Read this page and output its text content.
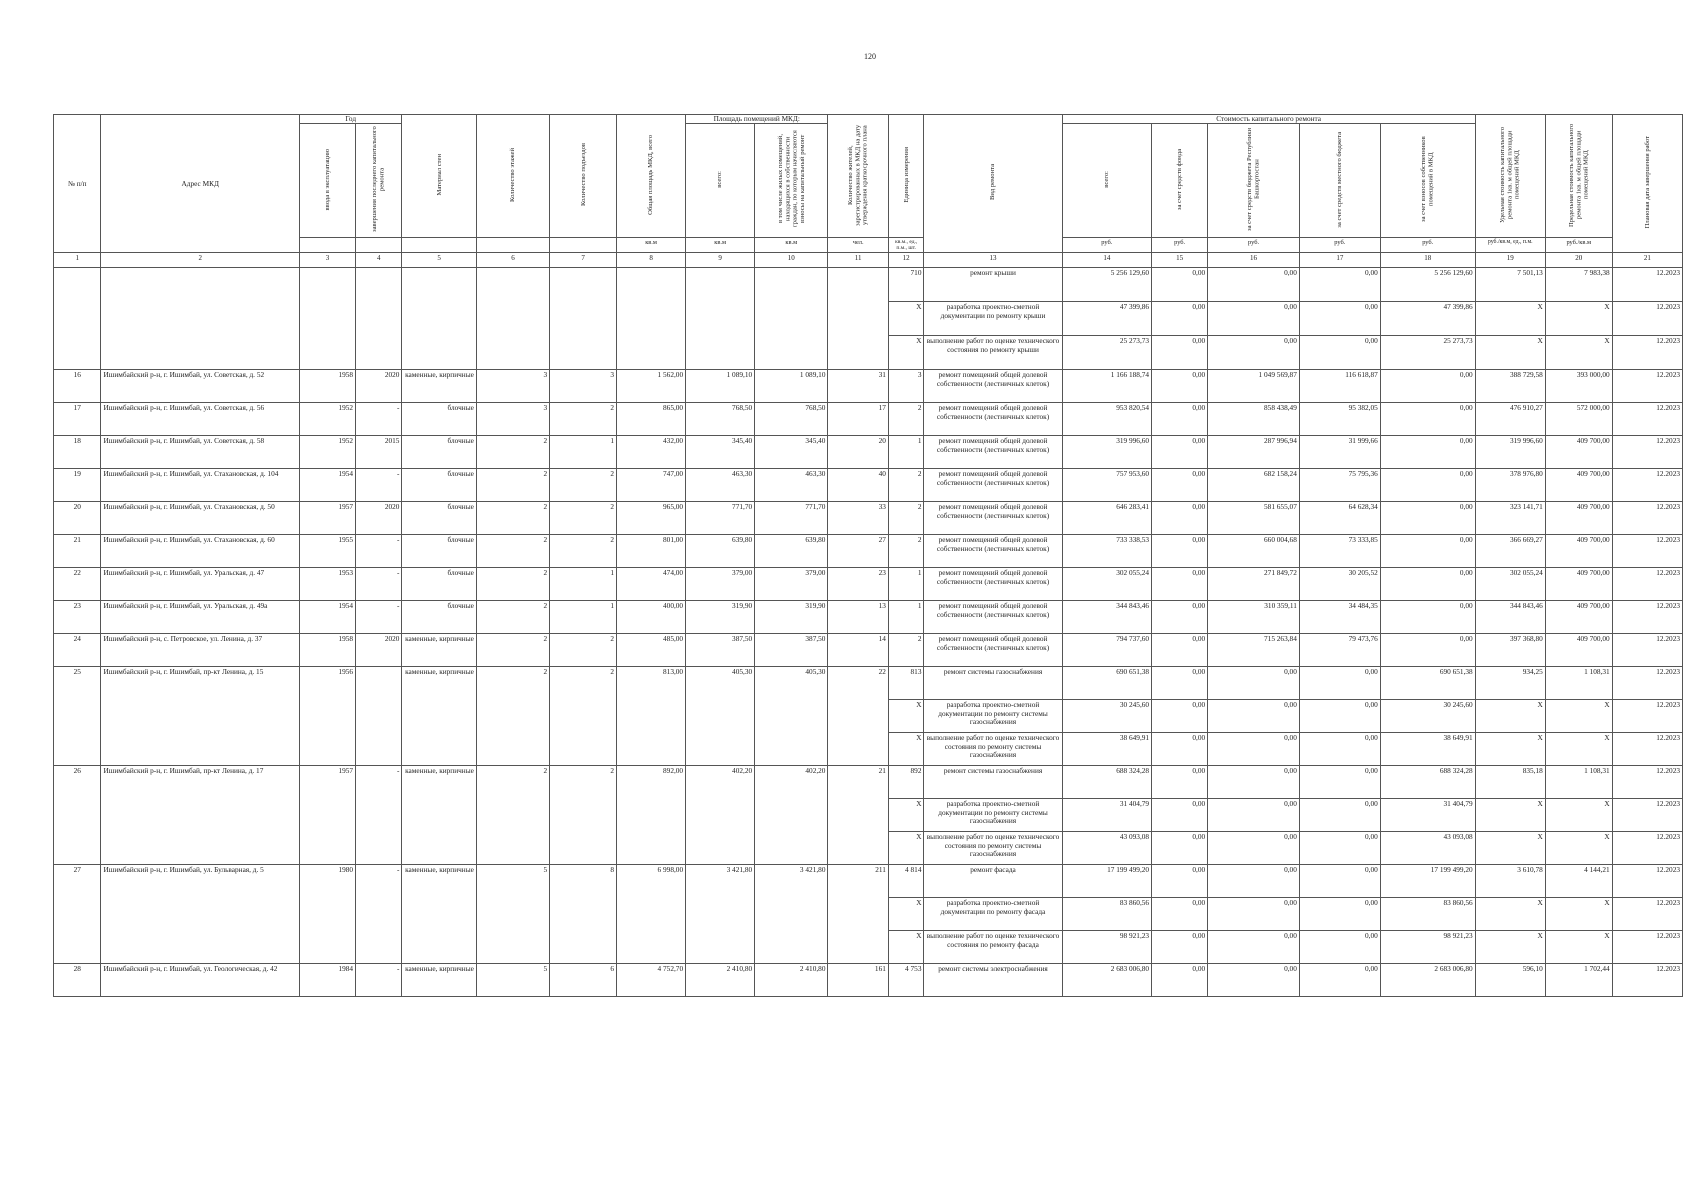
120
№ п/п	Адрес МКД	Год		Материал стен	Количество этажей	Количество подъездов	Общая площадь МКД, всего	Площадь помещений МКД:		Количество жителей, зарегистрированных в МКД на дату утверждения краткосрочного плана	Единица измерения	Вид ремонта	Стоимость капитального ремонта					Удельная стоимость капитального ремонта 1кв. м общей площади помещений МКД	Предельная стоимость капитального ремонта 1кв. м общей площади помещений МКД	Плановая дата завершения работ
		ввода в эксплуатацию	завершения последнего капитального ремонта					всего:	в том числе жилых помещений, находящихся в собственности граждан, по которым начисляются взносы на капитальный ремонт				всего:	за счет средств фонда	за счет средств бюджета Республики Башкортостан	за счет средств местного бюджета	за счет взносов собственников помещений в МКД			
							кв.м	кв.м	кв.м	чел.	кв.м., ед., п.м., шт.		руб.	руб.	руб.	руб.	руб.	руб./кв.м, ед., п.м.	руб./кв.м	
1	2	3	4	5	6	7	8	9	10	11	12	13	14	15	16	17	18	19	20	21
											710	ремонт крыши	5 256 129,60	0,00	0,00	0,00	5 256 129,60	7 501,13	7 983,38	12.2023
											X	разработка проектно-сметной документации по ремонту крыши	47 399,86	0,00	0,00	0,00	47 399,86	X	X	12.2023
											X	выполнение работ по оценке технического состояния по ремонту крыши	25 273,73	0,00	0,00	0,00	25 273,73	X	X	12.2023
16	Ишимбайский р-н, г. Ишимбай, ул. Советская, д. 52	1958	2020	каменные, кирпичные	3	3	1 562,00	1 089,10	1 089,10	31	3	ремонт помещений общей долевой собственности (лестничных клеток)	1 166 188,74	0,00	1 049 569,87	116 618,87	0,00	388 729,58	393 000,00	12.2023
17	Ишимбайский р-н, г. Ишимбай, ул. Советская, д. 56	1952	-	блочные	3	2	865,00	768,50	768,50	17	2	ремонт помещений общей долевой собственности (лестничных клеток)	953 820,54	0,00	858 438,49	95 382,05	0,00	476 910,27	572 000,00	12.2023
18	Ишимбайский р-н, г. Ишимбай, ул. Советская, д. 58	1952	2015	блочные	2	1	432,00	345,40	345,40	20	1	ремонт помещений общей долевой собственности (лестничных клеток)	319 996,60	0,00	287 996,94	31 999,66	0,00	319 996,60	409 700,00	12.2023
19	Ишимбайский р-н, г. Ишимбай, ул. Стахановская, д. 104	1954	-	блочные	2	2	747,00	463,30	463,30	40	2	ремонт помещений общей долевой собственности (лестничных клеток)	757 953,60	0,00	682 158,24	75 795,36	0,00	378 976,80	409 700,00	12.2023
20	Ишимбайский р-н, г. Ишимбай, ул. Стахановская, д. 50	1957	2020	блочные	2	2	965,00	771,70	771,70	33	2	ремонт помещений общей долевой собственности (лестничных клеток)	646 283,41	0,00	581 655,07	64 628,34	0,00	323 141,71	409 700,00	12.2023
21	Ишимбайский р-н, г. Ишимбай, ул. Стахановская, д. 60	1955	-	блочные	2	2	801,00	639,80	639,80	27	2	ремонт помещений общей долевой собственности (лестничных клеток)	733 338,53	0,00	660 004,68	73 333,85	0,00	366 669,27	409 700,00	12.2023
22	Ишимбайский р-н, г. Ишимбай, ул. Уральская, д. 47	1953	-	блочные	2	1	474,00	379,00	379,00	23	1	ремонт помещений общей долевой собственности (лестничных клеток)	302 055,24	0,00	271 849,72	30 205,52	0,00	302 055,24	409 700,00	12.2023
23	Ишимбайский р-н, г. Ишимбай, ул. Уральская, д. 49а	1954	-	блочные	2	1	400,00	319,90	319,90	13	1	ремонт помещений общей долевой собственности (лестничных клеток)	344 843,46	0,00	310 359,11	34 484,35	0,00	344 843,46	409 700,00	12.2023
24	Ишимбайский р-н, с. Петровское, ул. Ленина, д. 37	1958	2020	каменные, кирпичные	2	2	485,00	387,50	387,50	14	2	ремонт помещений общей долевой собственности (лестничных клеток)	794 737,60	0,00	715 263,84	79 473,76	0,00	397 368,80	409 700,00	12.2023
25	Ишимбайский р-н, г. Ишимбай, пр-кт Ленина, д. 15	1956		каменные, кирпичные	2	2	813,00	405,30	405,30	22	813	ремонт системы газоснабжения	690 651,38	0,00	0,00	0,00	690 651,38	934,25	1 108,31	12.2023
											X	разработка проектно-сметной документации по ремонту системы газоснабжения	30 245,60	0,00	0,00	0,00	30 245,60	X	X	12.2023
											X	выполнение работ по оценке технического состояния по ремонту системы газоснабжения	38 649,91	0,00	0,00	0,00	38 649,91	X	X	12.2023
26	Ишимбайский р-н, г. Ишимбай, пр-кт Ленина, д. 17	1957	-	каменные, кирпичные	2	2	892,00	402,20	402,20	21	892	ремонт системы газоснабжения	688 324,28	0,00	0,00	0,00	688 324,28	835,18	1 108,31	12.2023
											X	разработка проектно-сметной документации по ремонту системы газоснабжения	31 404,79	0,00	0,00	0,00	31 404,79	X	X	12.2023
											X	выполнение работ по оценке технического состояния по ремонту системы газоснабжения	43 093,08	0,00	0,00	0,00	43 093,08	X	X	12.2023
27	Ишимбайский р-н, г. Ишимбай, ул. Бульварная, д. 5	1980	-	каменные, кирпичные	5	8	6 998,00	3 421,80	3 421,80	211	4 814	ремонт фасада	17 199 499,20	0,00	0,00	0,00	17 199 499,20	3 610,78	4 144,21	12.2023
											X	разработка проектно-сметной документации по ремонту фасада	83 860,56	0,00	0,00	0,00	83 860,56	X	X	12.2023
											X	выполнение работ по оценке технического состояния по ремонту фасада	98 921,23	0,00	0,00	0,00	98 921,23	X	X	12.2023
28	Ишимбайский р-н, г. Ишимбай, ул. Геологическая, д. 42	1984	-	каменные, кирпичные	5	6	4 752,70	2 410,80	2 410,80	161	4 753	ремонт системы электроснабжения	2 683 006,80	0,00	0,00	0,00	2 683 006,80	596,10	1 702,44	12.2023
